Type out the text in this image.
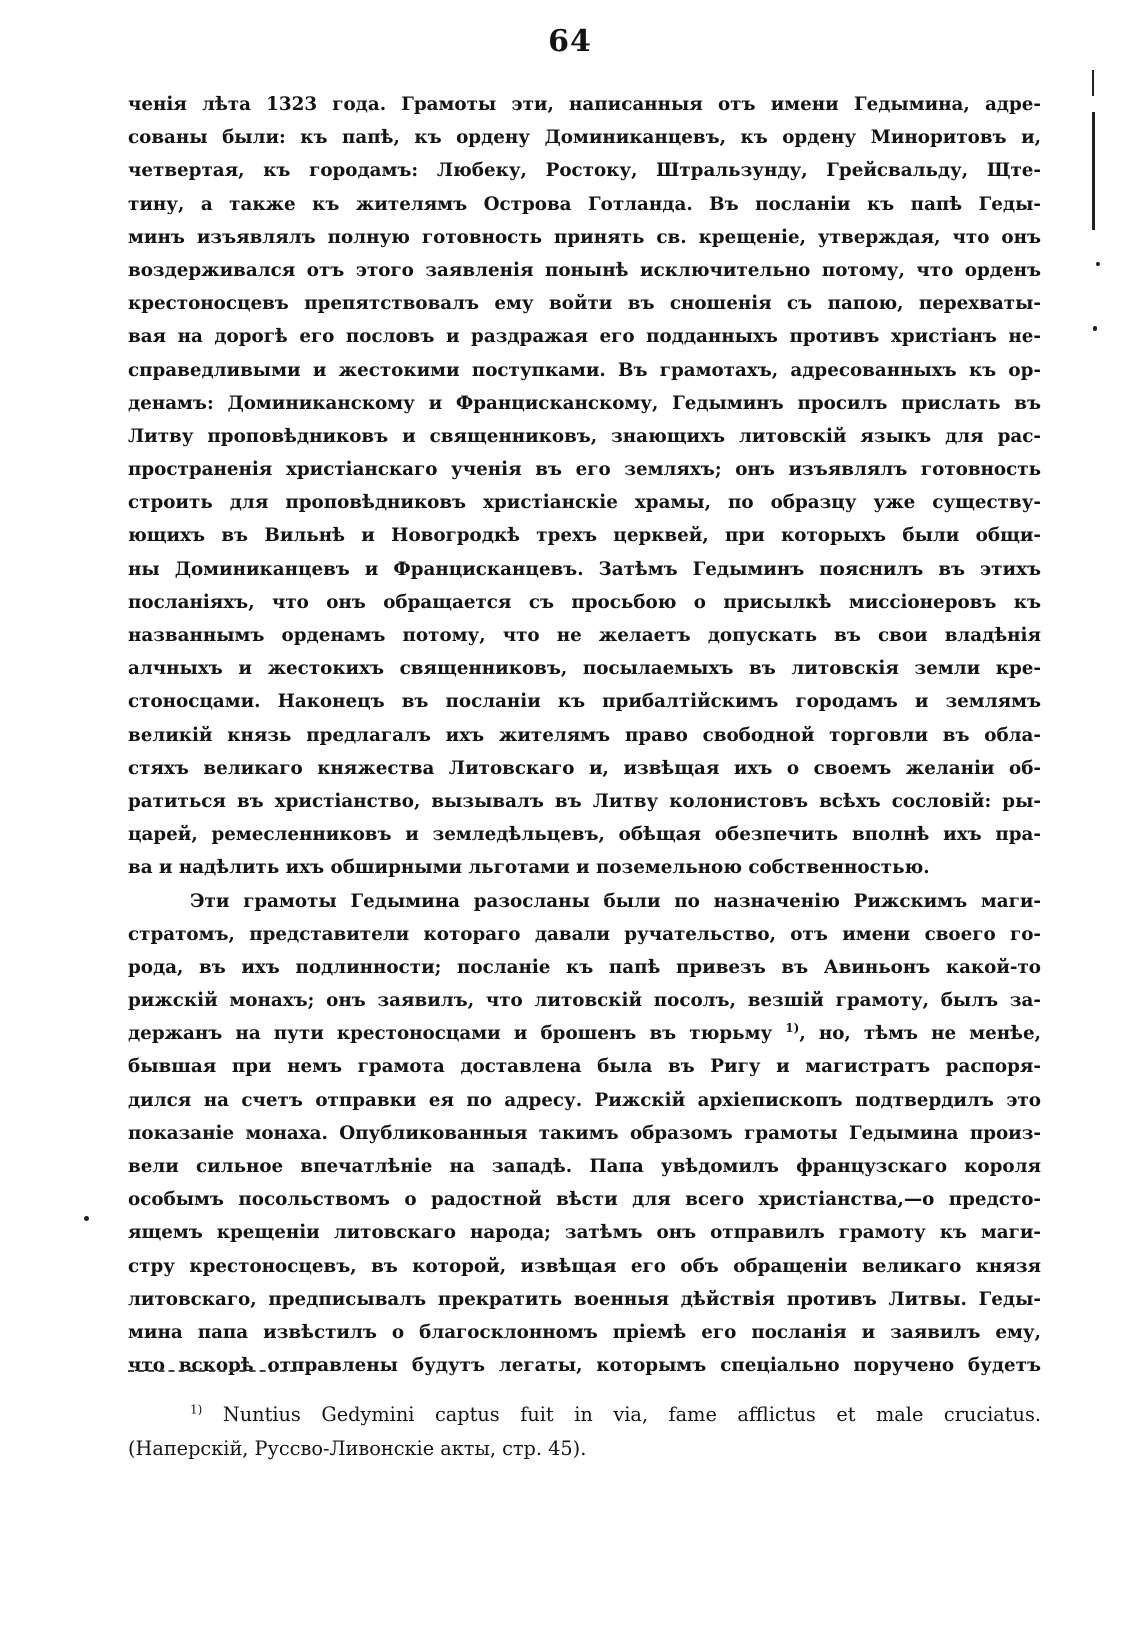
64
ченія лѣта 1323 года. Грамоты эти, написанныя отъ имени Гедымина, адре-
сованы были: къ папѣ, къ ордену Доминиканцевъ, къ ордену Миноритовъ и,
четвертая, къ городамъ: Любеку, Ростоку, Штральзунду, Грейсвальду, Щте-
тину, а также къ жителямъ Острова Готланда. Въ посланіи къ папѣ Геды-
минъ изъявлялъ полную готовность принять св. крещеніе, утверждая, что онъ
воздерживался отъ этого заявленія понынѣ исключительно потому, что орденъ
крестоносцевъ препятствовалъ ему войти въ сношенія съ папою, перехваты-
вая на дорогѣ его пословъ и раздражая его подданныхъ противъ христіанъ не-
справедливыми и жестокими поступками. Въ грамотахъ, адресованныхъ къ ор-
денамъ: Доминиканскому и Францисканскому, Гедыминъ просилъ прислать въ
Литву проповѣдниковъ и священниковъ, знающихъ литовскій языкъ для рас-
пространенія христіанскаго ученія въ его земляхъ; онъ изъявлялъ готовность
строить для проповѣдниковъ христіанскіе храмы, по образцу уже существу-
ющихъ въ Вильнѣ и Новогродкѣ трехъ церквей, при которыхъ были общи-
ны Доминиканцевъ и Францисканцевъ. Затѣмъ Гедыминъ пояснилъ въ этихъ
посланіяхъ, что онъ обращается съ просьбою о присылкѣ миссіонеровъ къ
названнымъ орденамъ потому, что не желаетъ допускать въ свои владѣнія
алчныхъ и жестокихъ священниковъ, посылаемыхъ въ литовскія земли кре-
стоносцами. Наконецъ въ посланіи къ прибалтійскимъ городамъ и землямъ
великій князь предлагалъ ихъ жителямъ право свободной торговли въ обла-
стяхъ великаго княжества Литовскаго и, извѣщая ихъ о своемъ желаніи об-
ратиться въ христіанство, вызывалъ въ Литву колонистовъ всѣхъ сословій: ры-
царей, ремесленниковъ и земледѣльцевъ, обѣщая обезпечить вполнѣ ихъ пра-
ва и надѣлить ихъ обширными льготами и поземельною собственностью.
Эти грамоты Гедымина разосланы были по назначенію Рижскимъ маги-
стратомъ, представители котораго давали ручательство, отъ имени своего го-
рода, въ ихъ подлинности; посланіе къ папѣ привезъ въ Авиньонъ какой-то
рижскій монахъ; онъ заявилъ, что литовскій посолъ, везшій грамоту, былъ за-
держанъ на пути крестоносцами и брошенъ въ тюрьму $^{1)}$, но, тѣмъ не менѣе,
бывшая при немъ грамота доставлена была въ Ригу и магистратъ распоря-
дился на счетъ отправки ея по адресу. Рижскій архіепископъ подтвердилъ это
показаніе монаха. Опубликованныя такимъ образомъ грамоты Гедымина произ-
вели сильное впечатлѣніе на западѣ. Папа увѣдомилъ французскаго короля
особымъ посольствомъ о радостной вѣсти для всего христіанства,—о предсто-
ящемъ крещеніи литовскаго народа; затѣмъ онъ отправилъ грамоту къ маги-
стру крестоносцевъ, въ которой, извѣщая его объ обращеніи великаго князя
литовскаго, предписывалъ прекратить военныя дѣйствія противъ Литвы. Геды-
мина папа извѣстилъ о благосклонномъ пріемѣ его посланія и заявилъ ему,
что вскорѣ отправлены будутъ легаты, которымъ спеціально поручено будетъ
$^{1)}$ Nuntius Gedymini captus fuit in via, fame afflictus et male cruciatus.
(Наперскій, Руссво-Ливонскіе акты, стр. 45).
